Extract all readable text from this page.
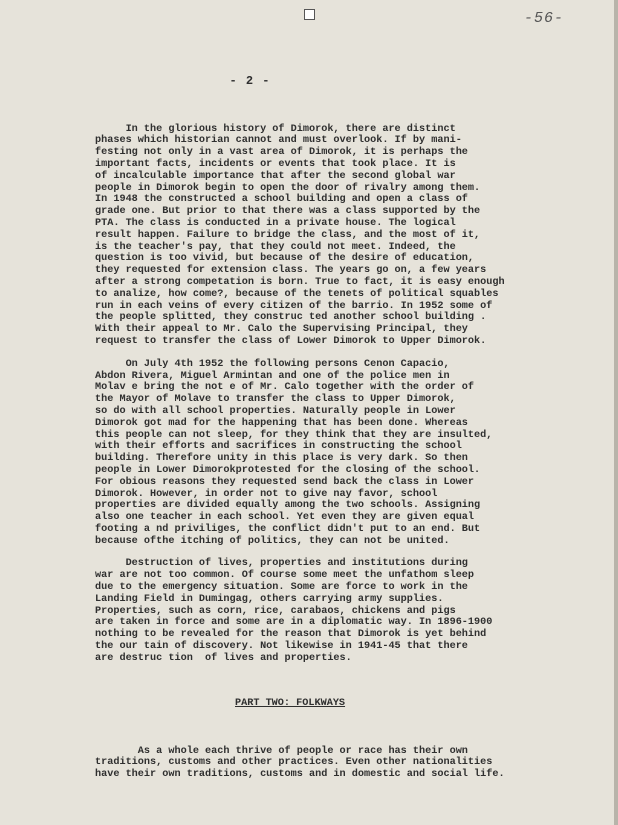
-56-
- 2 -

In the glorious history of Dimorok, there are distinct
phases which historian cannot and must overlook. If by mani-
festing not only in a vast area of Dimorok, it is perhaps the
important facts, incidents or events that took place. It is
of incalculable importance that after the second global war
people in Dimorok begin to open the door of rivalry among them.
In 1948 the constructed a school building and open a class of
grade one. But prior to that there was a class supported by the
PTA. The class is conducted in a private house. The logical
result happen. Failure to bridge the class, and the most of it,
is the teacher's pay, that they could not meet. Indeed, the
question is too vivid, but because of the desire of education,
they requested for extension class. The years go on, a few years
after a strong competation is born. True to fact, it is easy enough
to analize, how come?, because of the tenets of political squables
run in each veins of every citizen of the barrio. In 1952 some of
the people splitted, they construc ted another school building .
With their appeal to Mr. Calo the Supervising Principal, they
request to transfer the class of Lower Dimorok to Upper Dimorok.
On July 4th 1952 the following persons Cenon Capacio,
Abdon Rivera, Miguel Armintan and one of the police men in
Molav e bring the not e of Mr. Calo together with the order of
the Mayor of Molave to transfer the class to Upper Dimorok,
so do with all school properties. Naturally people in Lower
Dimorok got mad for the happening that has been done. Whereas
this people can not sleep, for they think that they are insulted,
with their efforts and sacrifices in constructing the school
building. Therefore unity in this place is very dark. So then
people in Lower Dimorokprotested for the closing of the school.
For obious reasons they requested send back the class in Lower
Dimorok. However, in order not to give nay favor, school
properties are divided equally among the two schools. Assigning
also one teacher in each school. Yet even they are given equal
footing a nd priviliges, the conflict didn't put to an end. But
because ofthe itching of politics, they can not be united.
Destruction of lives, properties and institutions during
war are not too common. Of course some meet the unfathom sleep
due to the emergency situation. Some are force to work in the
Landing Field in Dumingag, others carrying army supplies.
Properties, such as corn, rice, carabaos, chickens and pigs
are taken in force and some are in a diplomatic way. In 1896-1900
nothing to be revealed for the reason that Dimorok is yet behind
the our tain of discovery. Not likewise in 1941-45 that there
are destruc tion  of lives and properties.

PART TWO: FOLKWAYS

As a whole each thrive of people or race has their own
traditions, customs and other practices. Even other nationalities
have their own traditions, customs and in domestic and social life.
